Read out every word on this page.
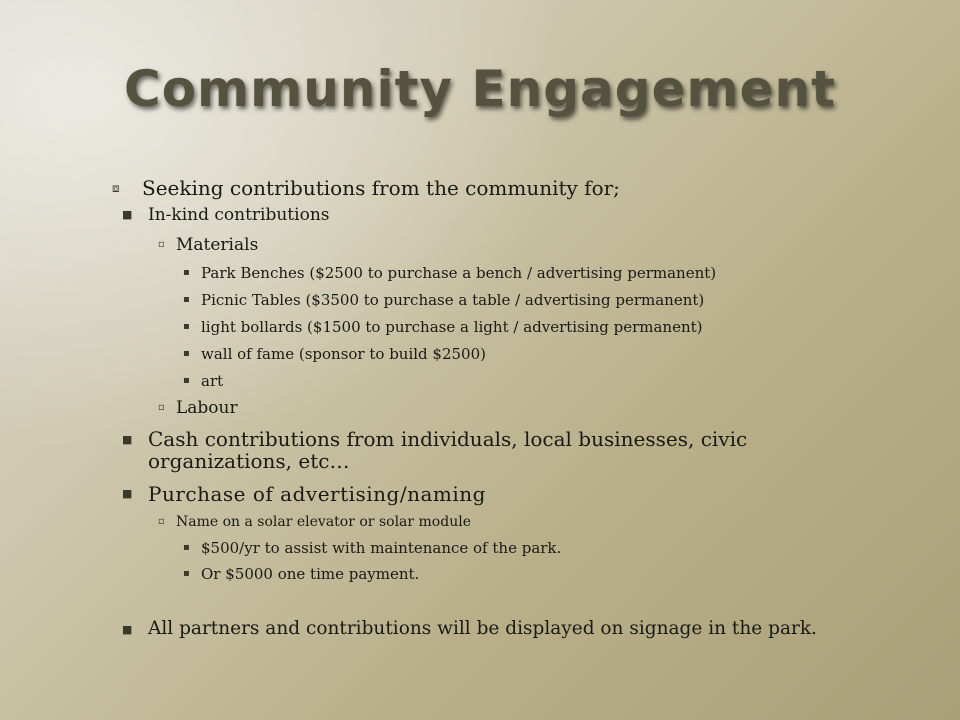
Community Engagement
⧈	Seeking contributions from the community for;
■ In-kind contributions
▫ Materials
▪ Park Benches ($2500 to purchase a bench / advertising permanent)
▪ Picnic Tables ($3500 to purchase a table / advertising permanent)
▪ light bollards ($1500 to purchase a light / advertising permanent)
▪ wall of fame (sponsor to build $2500)
▪ art
▫ Labour
■ Cash contributions from individuals, local businesses, civic organizations, etc…
■ Purchase of advertising/naming
▫ Name on a solar elevator or solar module
▪ $500/yr to assist with maintenance of the park.
▪ Or $5000 one time payment.
■ All partners and contributions will be displayed on signage in the park.
